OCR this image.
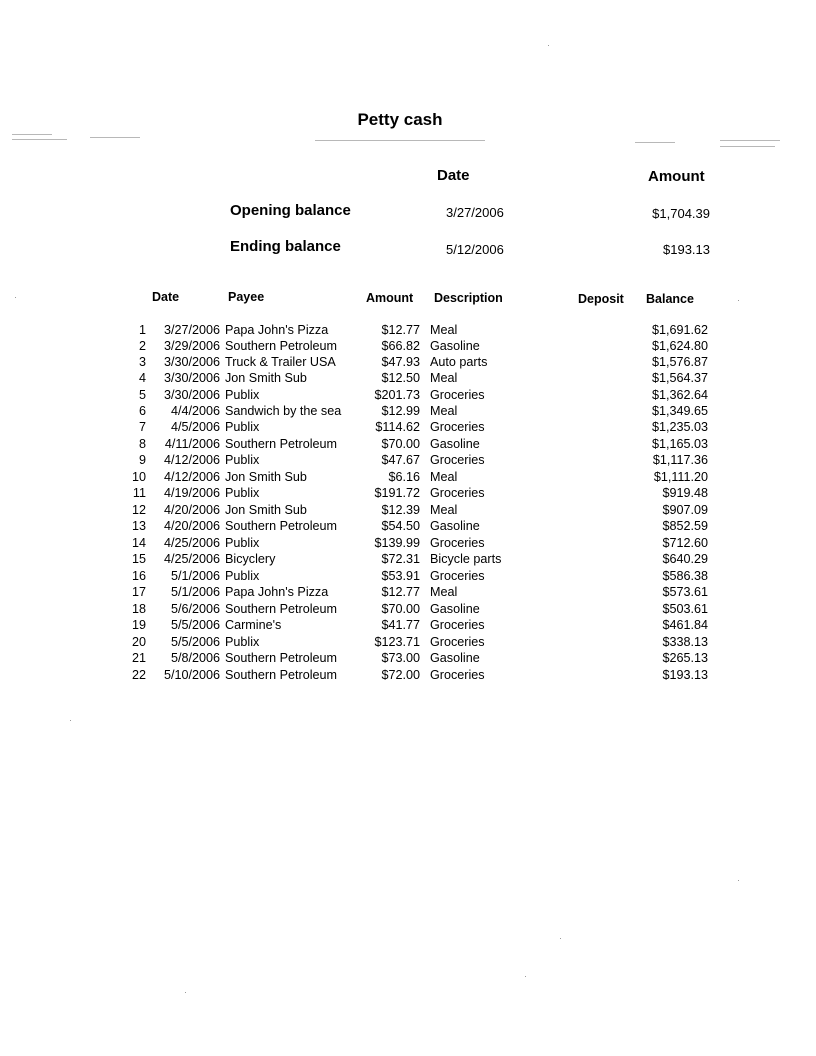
Petty cash
Date	Amount
Opening balance	3/27/2006	$1,704.39
Ending balance	5/12/2006	$193.13
Date	Payee	Amount Description	Deposit Balance
1 3/27/2006 Papa John's Pizza	$12.77 Meal	$1,691.62
2 3/29/2006 Southern Petroleum	$66.82 Gasoline	$1,624.80
3 3/30/2006 Truck & Trailer USA	$47.93 Auto parts	$1,576.87
4 3/30/2006 Jon Smith Sub	$12.50 Meal	$1,564.37
5 3/30/2006 Publix	$201.73 Groceries	$1,362.64
6 4/4/2006 Sandwich by the sea	$12.99 Meal	$1,349.65
7 4/5/2006 Publix	$114.62 Groceries	$1,235.03
8 4/11/2006 Southern Petroleum	$70.00 Gasoline	$1,165.03
9 4/12/2006 Publix	$47.67 Groceries	$1,117.36
10 4/12/2006 Jon Smith Sub	$6.16 Meal	$1,111.20
11 4/19/2006 Publix	$191.72 Groceries	$919.48
12 4/20/2006 Jon Smith Sub	$12.39 Meal	$907.09
13 4/20/2006 Southern Petroleum	$54.50 Gasoline	$852.59
14 4/25/2006 Publix	$139.99 Groceries	$712.60
15 4/25/2006 Bicyclery	$72.31 Bicycle parts	$640.29
16 5/1/2006 Publix	$53.91 Groceries	$586.38
17 5/1/2006 Papa John's Pizza	$12.77 Meal	$573.61
18 5/6/2006 Southern Petroleum	$70.00 Gasoline	$503.61
19 5/5/2006 Carmine's	$41.77 Groceries	$461.84
20 5/5/2006 Publix	$123.71 Groceries	$338.13
21 5/8/2006 Southern Petroleum	$73.00 Gasoline	$265.13
22 5/10/2006 Southern Petroleum	$72.00 Groceries	$193.13
